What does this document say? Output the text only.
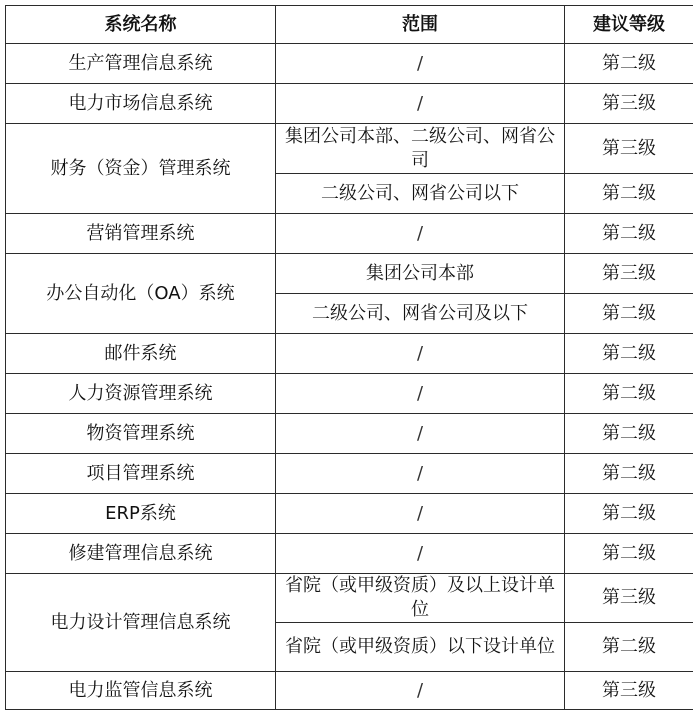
系统名称	范围	建议等级
生产管理信息系统	/	第二级
电力市场信息系统	/	第三级
财务（资金）管理系统	集团公司本部、二级公司、网省公司	第三级
	二级公司、网省公司以下	第二级
营销管理系统	/	第二级
办公自动化（OA）系统	集团公司本部	第三级
	二级公司、网省公司及以下	第二级
邮件系统	/	第二级
人力资源管理系统	/	第二级
物资管理系统	/	第二级
项目管理系统	/	第二级
ERP系统	/	第二级
修建管理信息系统	/	第二级
电力设计管理信息系统	省院（或甲级资质）及以上设计单位	第三级
	省院（或甲级资质）以下设计单位	第二级
电力监管信息系统	/	第三级
